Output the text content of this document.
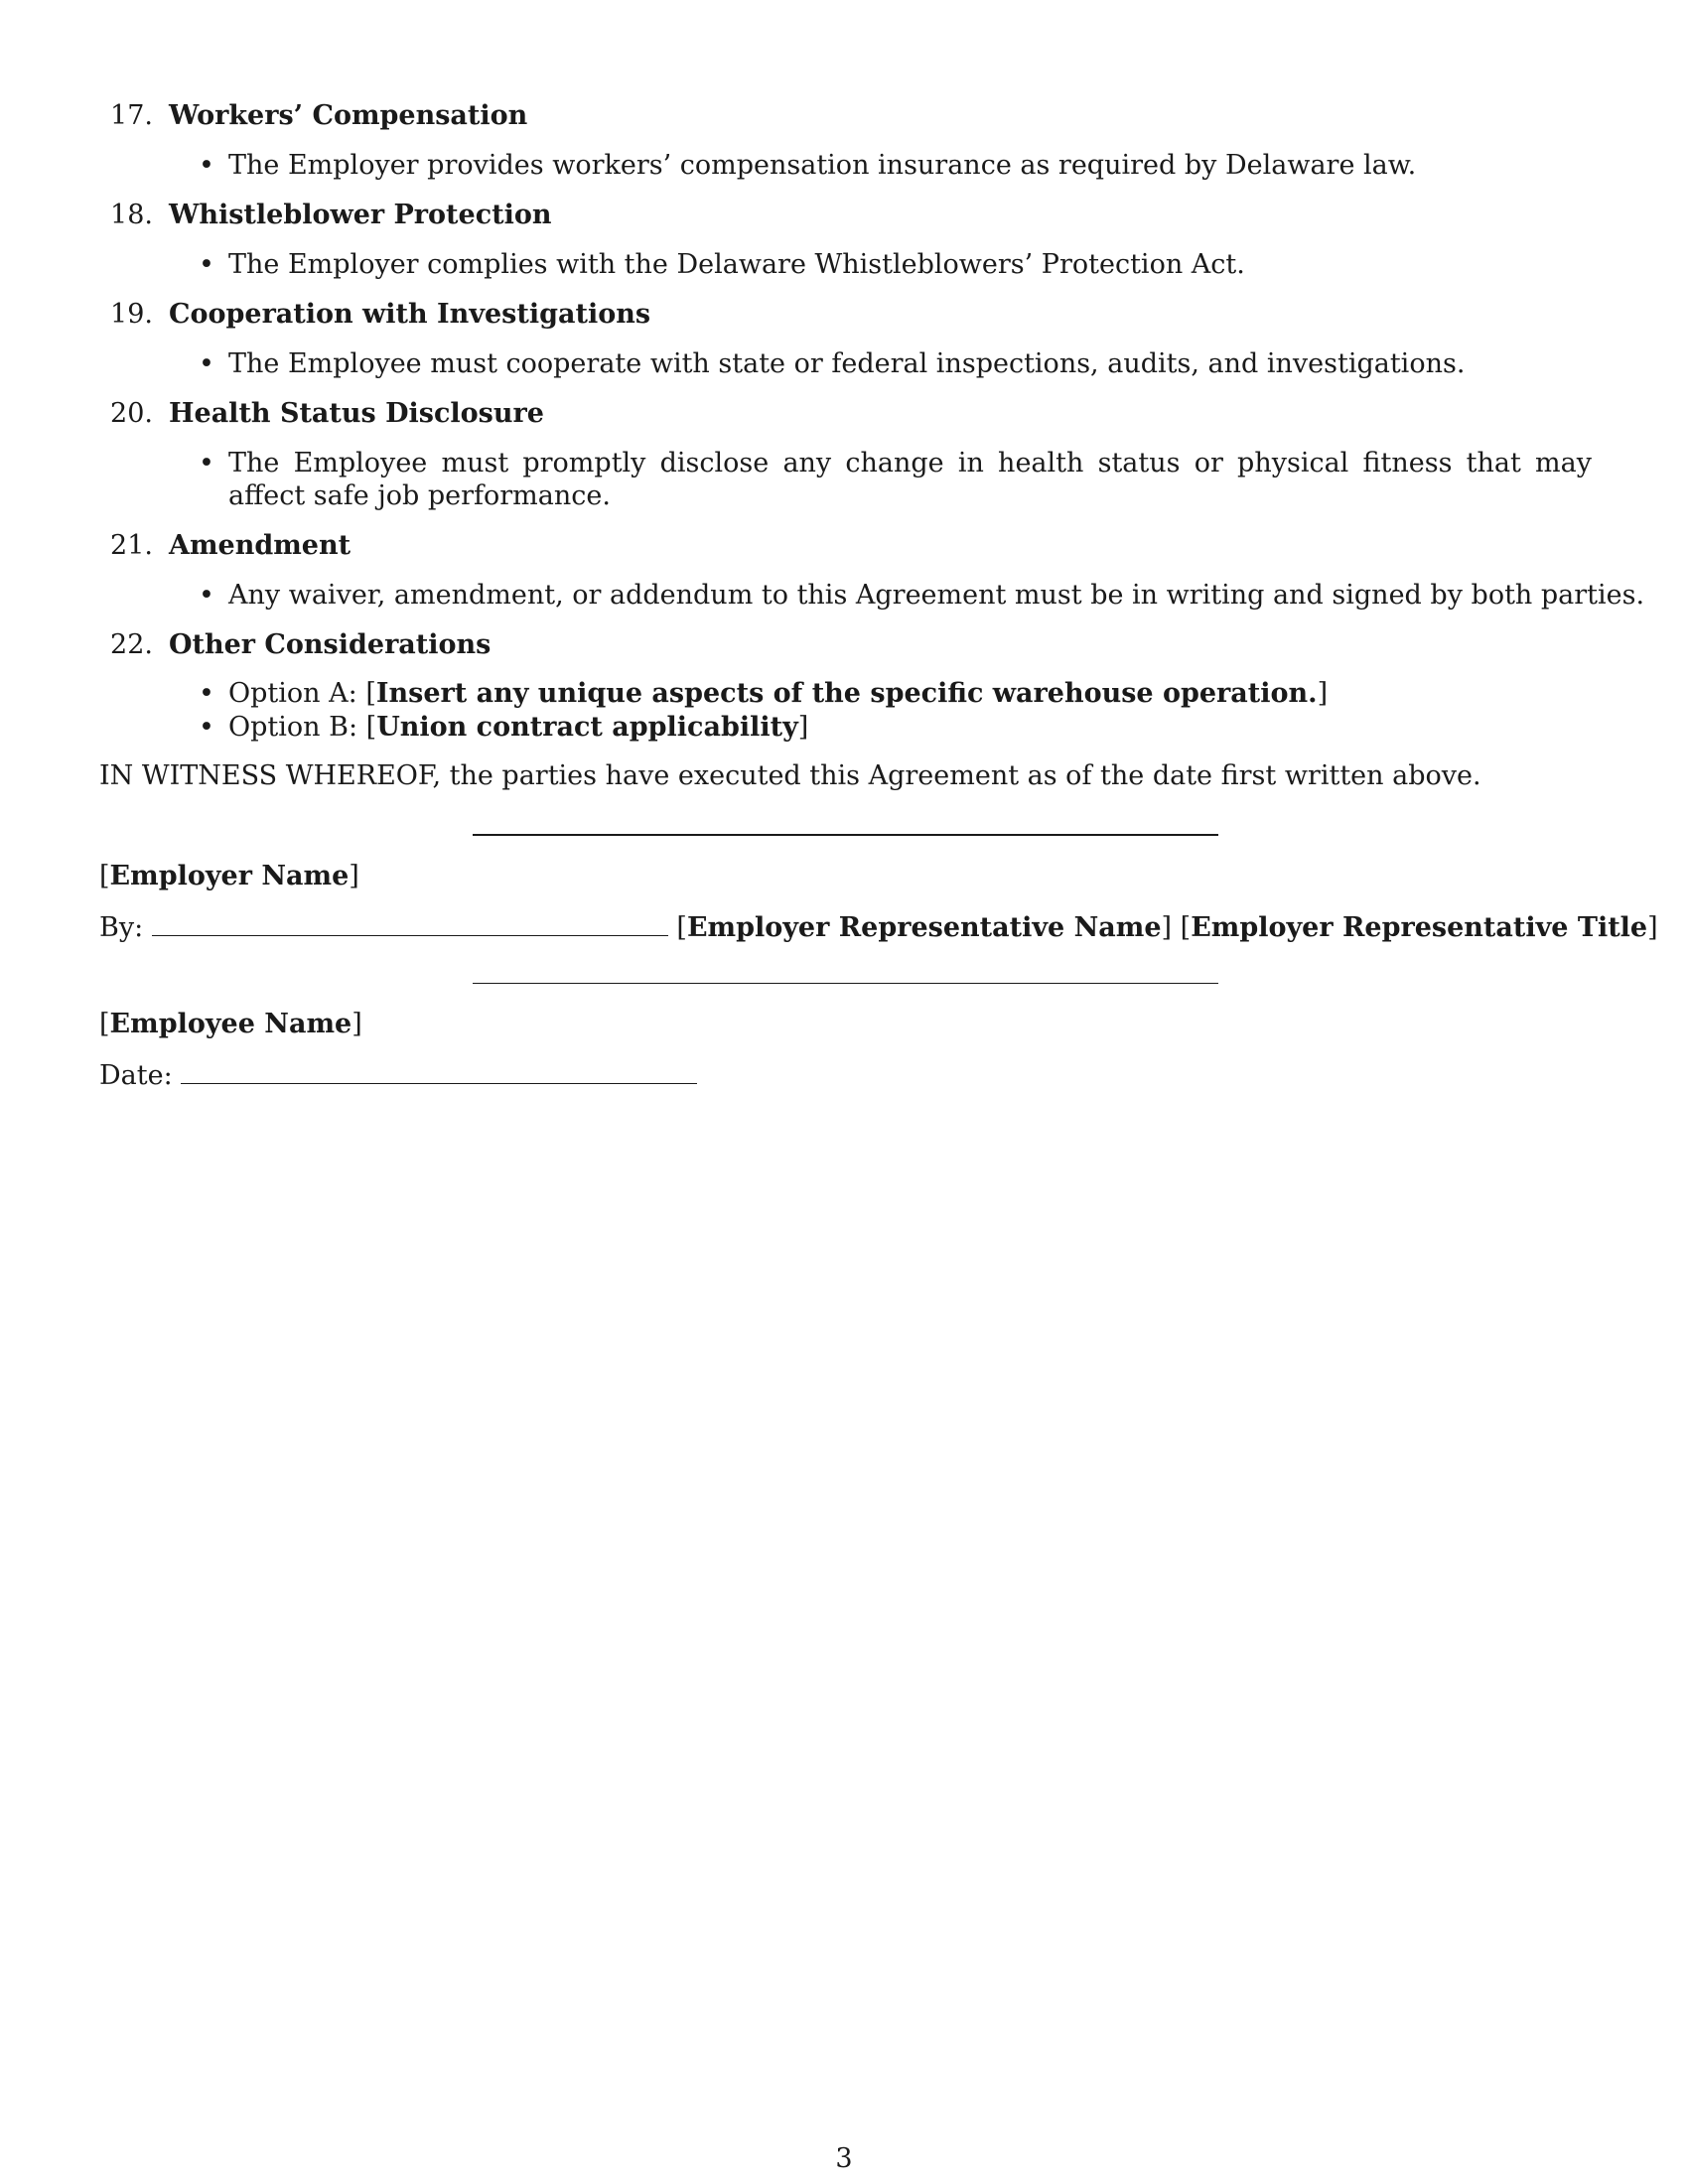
17. Workers’ Compensation
• The Employer provides workers’ compensation insurance as required by Delaware law.
18. Whistleblower Protection
• The Employer complies with the Delaware Whistleblowers’ Protection Act.
19. Cooperation with Investigations
• The Employee must cooperate with state or federal inspections, audits, and investigations.
20. Health Status Disclosure
• The Employee must promptly disclose any change in health status or physical fitness that may affect safe job performance.
21. Amendment
• Any waiver, amendment, or addendum to this Agreement must be in writing and signed by both parties.
22. Other Considerations
• Option A: [Insert any unique aspects of the specific warehouse operation.]
• Option B: [Union contract applicability]
IN WITNESS WHEREOF, the parties have executed this Agreement as of the date first written above.
[Employer Name]
By:	[Employer Representative Name] [Employer Representative Title]
[Employee Name]
Date:
3
